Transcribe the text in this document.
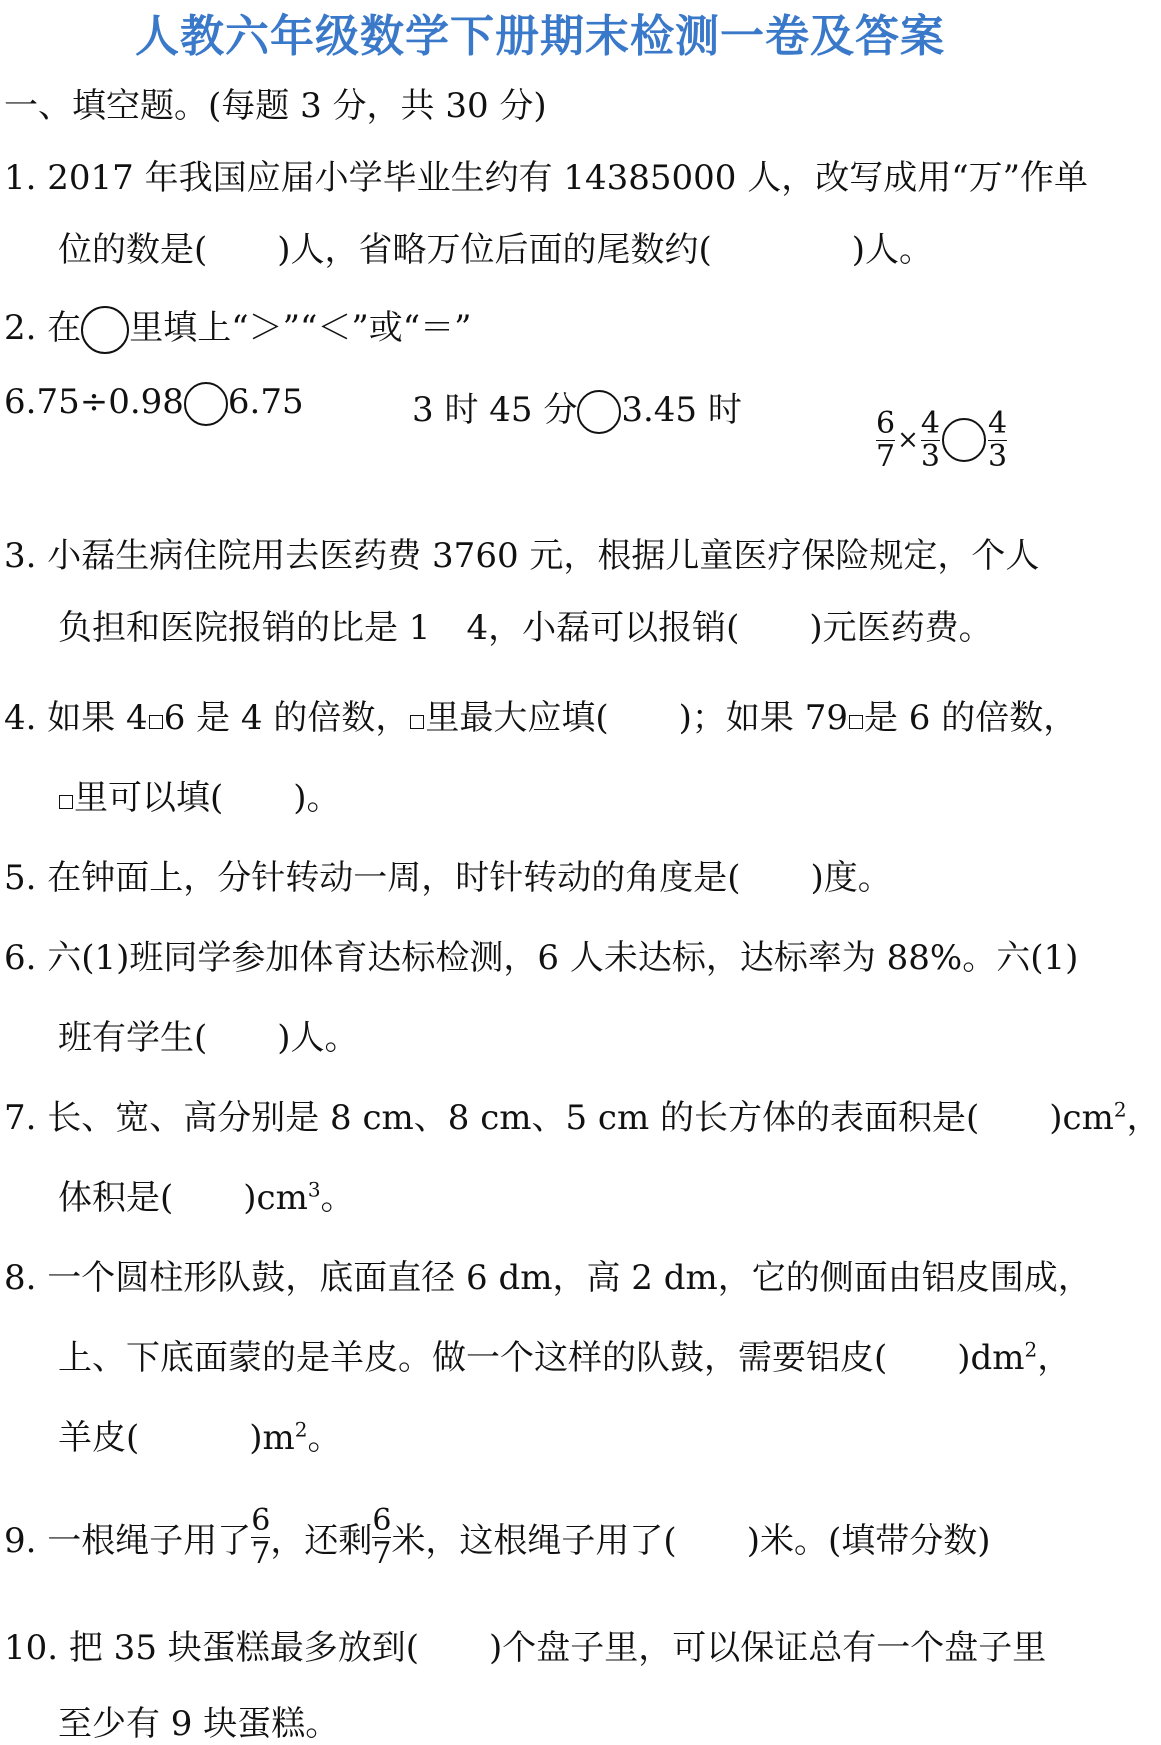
人教六年级数学下册期末检测一卷及答案
一、填空题。(每题 3 分，共 30 分)
1. 2017 年我国应届小学毕业生约有 14385000 人，改写成用“万”作单
位的数是( )人，省略万位后面的尾数约(	)人。
2. 在 里填上“＞”“＜”或“＝”
6.75÷0.98 6.75	3 时 45 分 3.45 时	$\frac{6}{7} \times \frac{4}{3} \frac{4}{3}$
3. 小磊生病住院用去医药费 3760 元，根据儿童医疗保险规定，个人
负担和医院报销的比是 1 4，小磊可以报销( )元医药费。
4. 如果 4 6 是 4 的倍数， 里最大应填( )；如果 79 是 6 的倍数，
里可以填( )。
5. 在钟面上，分针转动一周，时针转动的角度是( )度。
6. 六(1)班同学参加体育达标检测，6 人未达标，达标率为 88%。六(1)
班有学生( )人。
7. 长、宽、高分别是 8 cm、8 cm、5 cm 的长方体的表面积是( )$cm^2$，
体积是( )$cm^3$。
8. 一个圆柱形队鼓，底面直径 6 dm，高 2 dm，它的侧面由铝皮围成，
上、下底面蒙的是羊皮。做一个这样的队鼓，需要铝皮( )$dm^2$，
羊皮(	)$m^2$。
9. 一根绳子用了 $\frac{6}{7}$ ，还剩 $\frac{6}{7}$ 米，这根绳子用了( )米。(填带分数)
10. 把 35 块蛋糕最多放到( )个盘子里，可以保证总有一个盘子里
至少有 9 块蛋糕。
